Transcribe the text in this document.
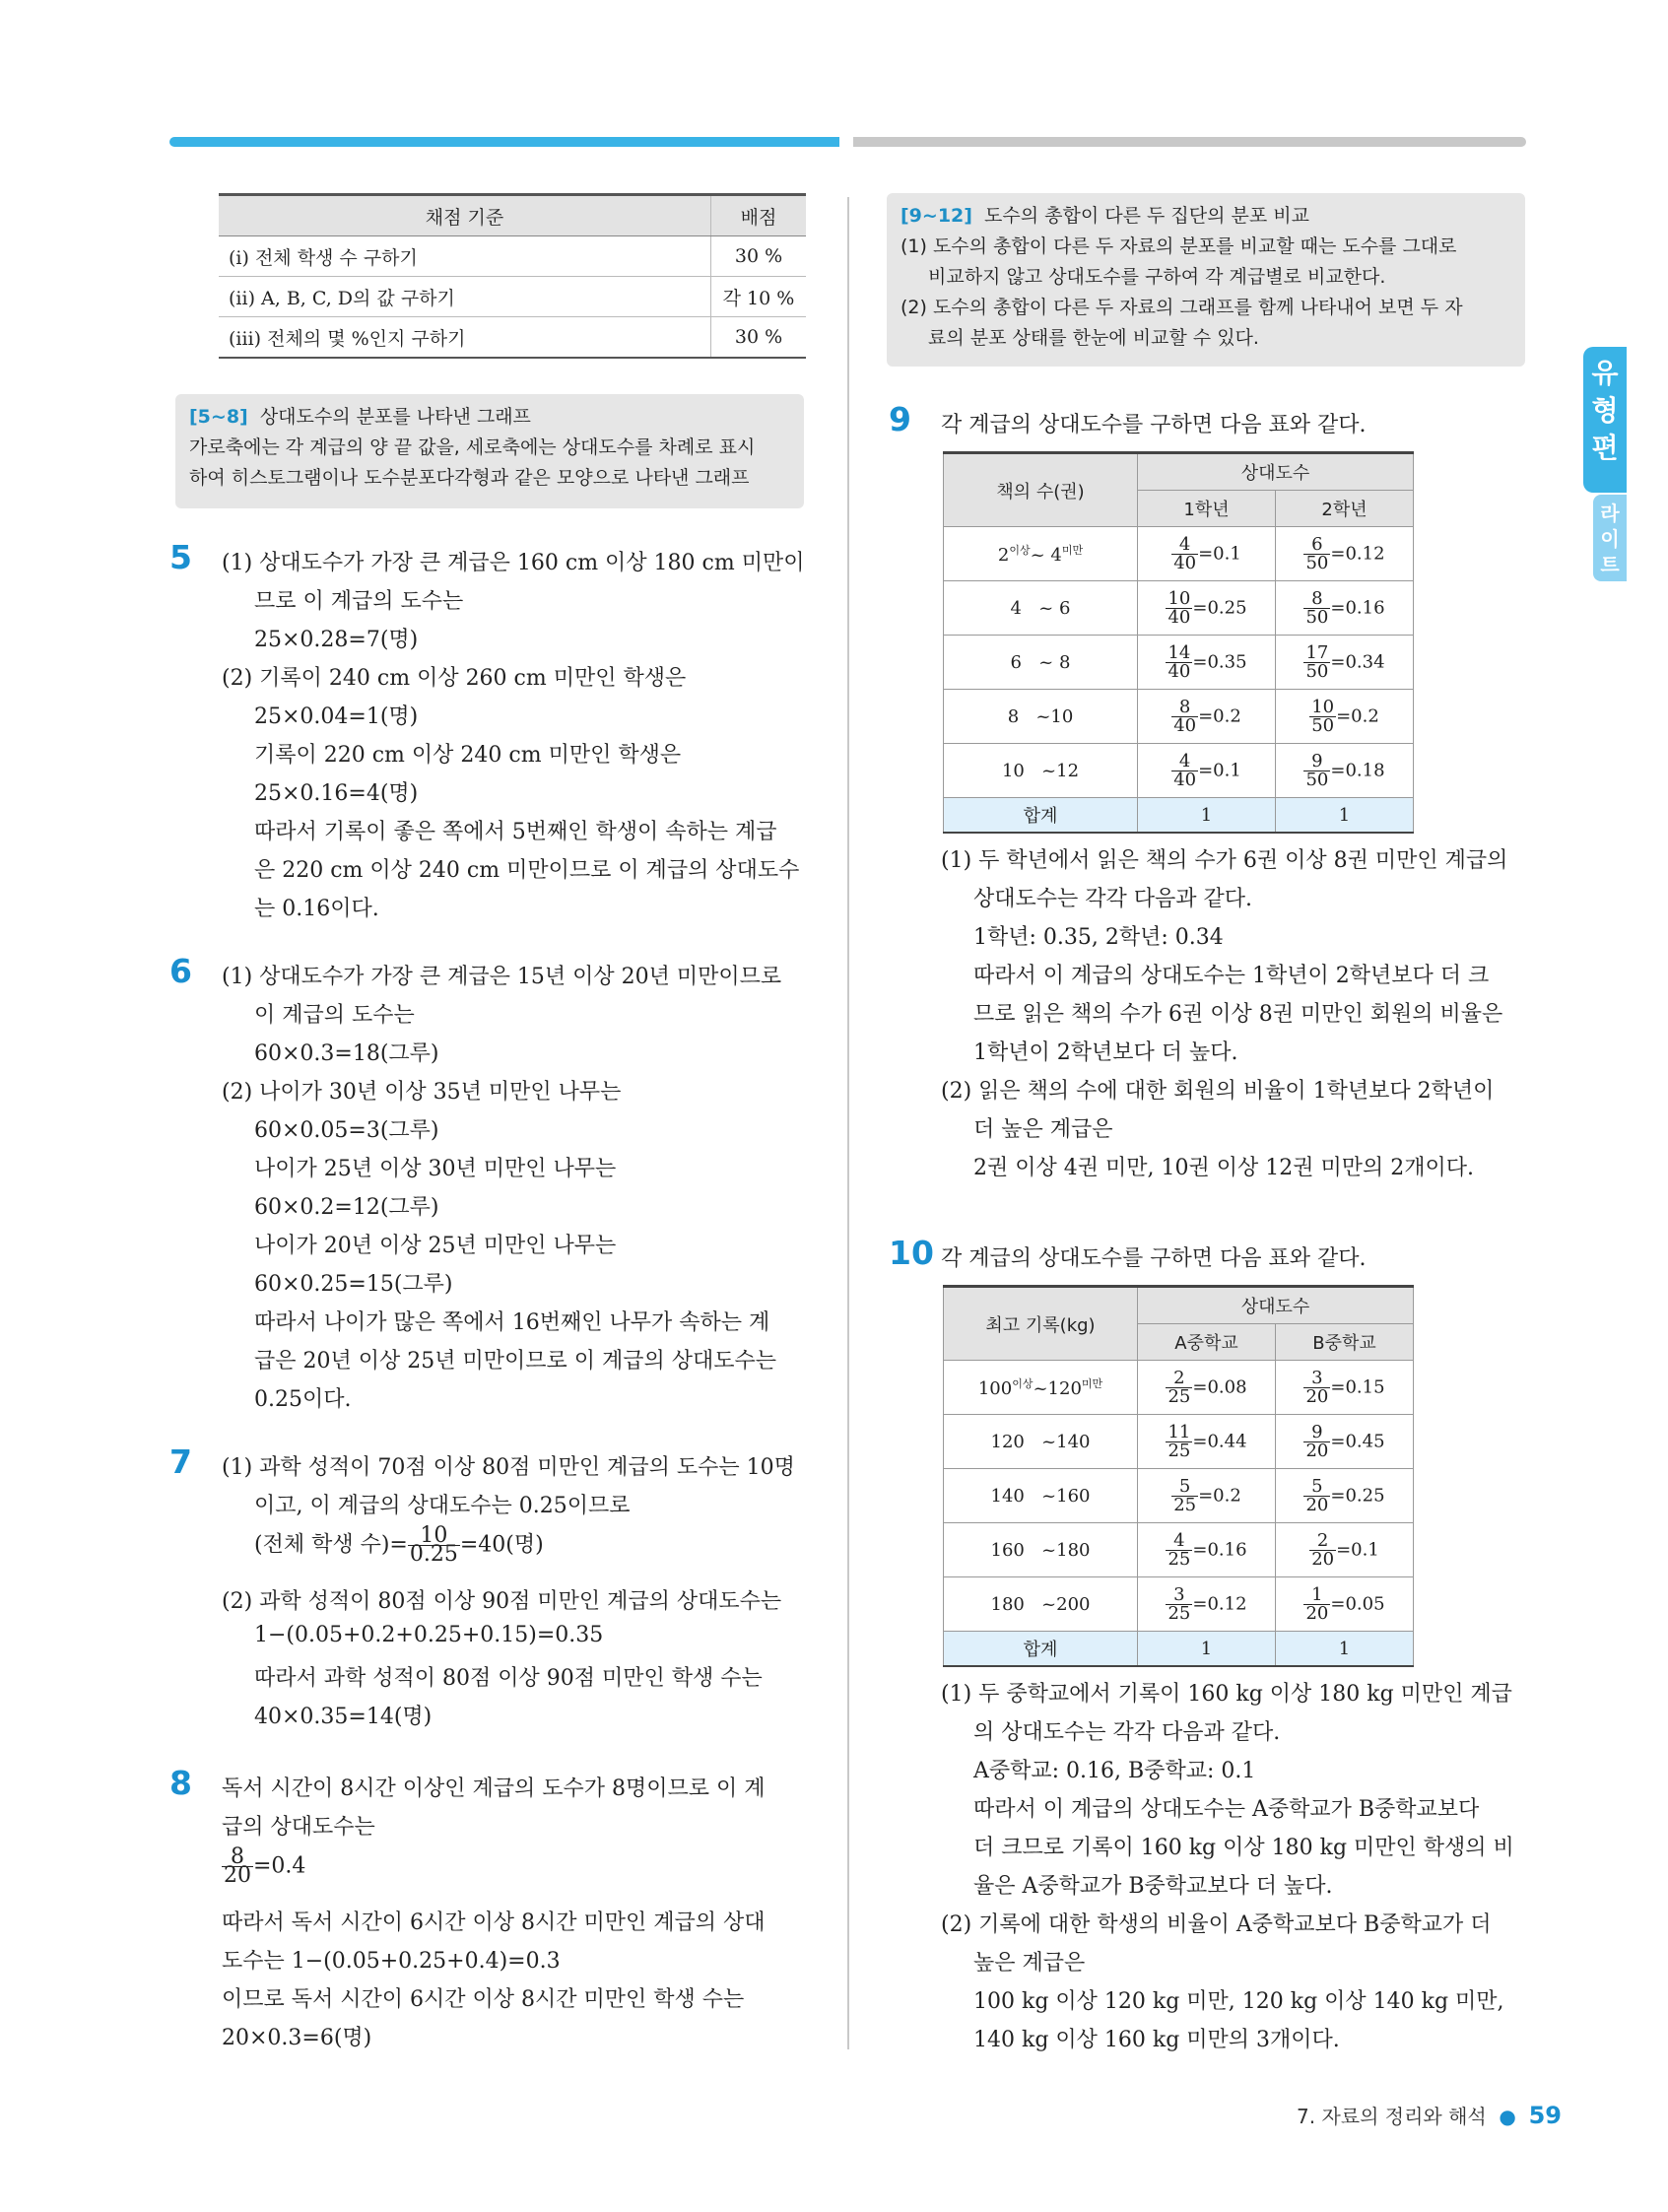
채점 기준	배점
(ⅰ) 전체 학생 수 구하기	30 %
(ⅱ) A, B, C, D의 값 구하기	각 10 %
(ⅲ) 전체의 몇 %인지 구하기	30 %
[5~8] 상대도수의 분포를 나타낸 그래프
가로축에는 각 계급의 양 끝 값을, 세로축에는 상대도수를 차례로 표시
하여 히스토그램이나 도수분포다각형과 같은 모양으로 나타낸 그래프
[9~12] 도수의 총합이 다른 두 집단의 분포 비교
(1) 도수의 총합이 다른 두 자료의 분포를 비교할 때는 도수를 그대로
비교하지 않고 상대도수를 구하여 각 계급별로 비교한다.
(2) 도수의 총합이 다른 두 자료의 그래프를 함께 나타내어 보면 두 자
료의 분포 상태를 한눈에 비교할 수 있다.
5 (1) 상대도수가 가장 큰 계급은 160 cm 이상 180 cm 미만이
므로 이 계급의 도수는
25×0.28=7(명)
(2) 기록이 240 cm 이상 260 cm 미만인 학생은
25×0.04=1(명)
기록이 220 cm 이상 240 cm 미만인 학생은
25×0.16=4(명)
따라서 기록이 좋은 쪽에서 5번째인 학생이 속하는 계급
은 220 cm 이상 240 cm 미만이므로 이 계급의 상대도수
는 0.16이다.
6 (1) 상대도수가 가장 큰 계급은 15년 이상 20년 미만이므로
이 계급의 도수는
60×0.3=18(그루)
(2) 나이가 30년 이상 35년 미만인 나무는
60×0.05=3(그루)
나이가 25년 이상 30년 미만인 나무는
60×0.2=12(그루)
나이가 20년 이상 25년 미만인 나무는
60×0.25=15(그루)
따라서 나이가 많은 쪽에서 16번째인 나무가 속하는 계
급은 20년 이상 25년 미만이므로 이 계급의 상대도수는
0.25이다.
7 (1) 과학 성적이 70점 이상 80점 미만인 계급의 도수는 10명
이고, 이 계급의 상대도수는 0.25이므로
(전체 학생 수)= $\frac{10}{0.25} =40$(명)
(2) 과학 성적이 80점 이상 90점 미만인 계급의 상대도수는
1−(0.05+0.2+0.25+0.15)=0.35
따라서 과학 성적이 80점 이상 90점 미만인 학생 수는
40×0.35=14(명)
8 독서 시간이 8시간 이상인 계급의 도수가 8명이므로 이 계
급의 상대도수는
$\frac{8}{20} =0.4$
따라서 독서 시간이 6시간 이상 8시간 미만인 계급의 상대
도수는 1−(0.05+0.25+0.4)=0.3
이므로 독서 시간이 6시간 이상 8시간 미만인 학생 수는
20×0.3=6(명)
9 각 계급의 상대도수를 구하면 다음 표와 같다.
책의 수(권)	상대도수	
	1학년	2학년
$2^{이상}\sim$ $4^{미만}$	$\frac{4}{40} =0.1$	$\frac{6}{50} =0.12$
4 ~ 6	$\frac{10}{40} =0.25$	$\frac{8}{50} =0.16$
6 ~ 8	$\frac{14}{40} =0.35$	$\frac{17}{50} =0.34$
8 ~10	$\frac{8}{40} =0.2$	$\frac{10}{50} =0.2$
10 ~12	$\frac{4}{40} =0.1$	$\frac{9}{50} =0.18$
합계	1	1
(1) 두 학년에서 읽은 책의 수가 6권 이상 8권 미만인 계급의
상대도수는 각각 다음과 같다.
1학년: 0.35, 2학년: 0.34
따라서 이 계급의 상대도수는 1학년이 2학년보다 더 크
므로 읽은 책의 수가 6권 이상 8권 미만인 회원의 비율은
1학년이 2학년보다 더 높다.
(2) 읽은 책의 수에 대한 회원의 비율이 1학년보다 2학년이
더 높은 계급은
2권 이상 4권 미만, 10권 이상 12권 미만의 2개이다.
10 각 계급의 상대도수를 구하면 다음 표와 같다.
최고 기록(kg)	상대도수	
	A중학교	B중학교
$100^{이상}\sim 120^{미만}$	$\frac{2}{25} =0.08$	$\frac{3}{20} =0.15$
120 ~140	$\frac{11}{25} =0.44$	$\frac{9}{20} =0.45$
140 ~160	$\frac{5}{25} =0.2$	$\frac{5}{20} =0.25$
160 ~180	$\frac{4}{25} =0.16$	$\frac{2}{20} =0.1$
180 ~200	$\frac{3}{25} =0.12$	$\frac{1}{20} =0.05$
합계	1	1
(1) 두 중학교에서 기록이 160 kg 이상 180 kg 미만인 계급
의 상대도수는 각각 다음과 같다.
A중학교: 0.16, B중학교: 0.1
따라서 이 계급의 상대도수는 A중학교가 B중학교보다
더 크므로 기록이 160 kg 이상 180 kg 미만인 학생의 비
율은 A중학교가 B중학교보다 더 높다.
(2) 기록에 대한 학생의 비율이 A중학교보다 B중학교가 더
높은 계급은
100 kg 이상 120 kg 미만, 120 kg 이상 140 kg 미만,
140 kg 이상 160 kg 미만의 3개이다.
유
형
편
라
이
트
7. 자료의 정리와 해석  ●  59
